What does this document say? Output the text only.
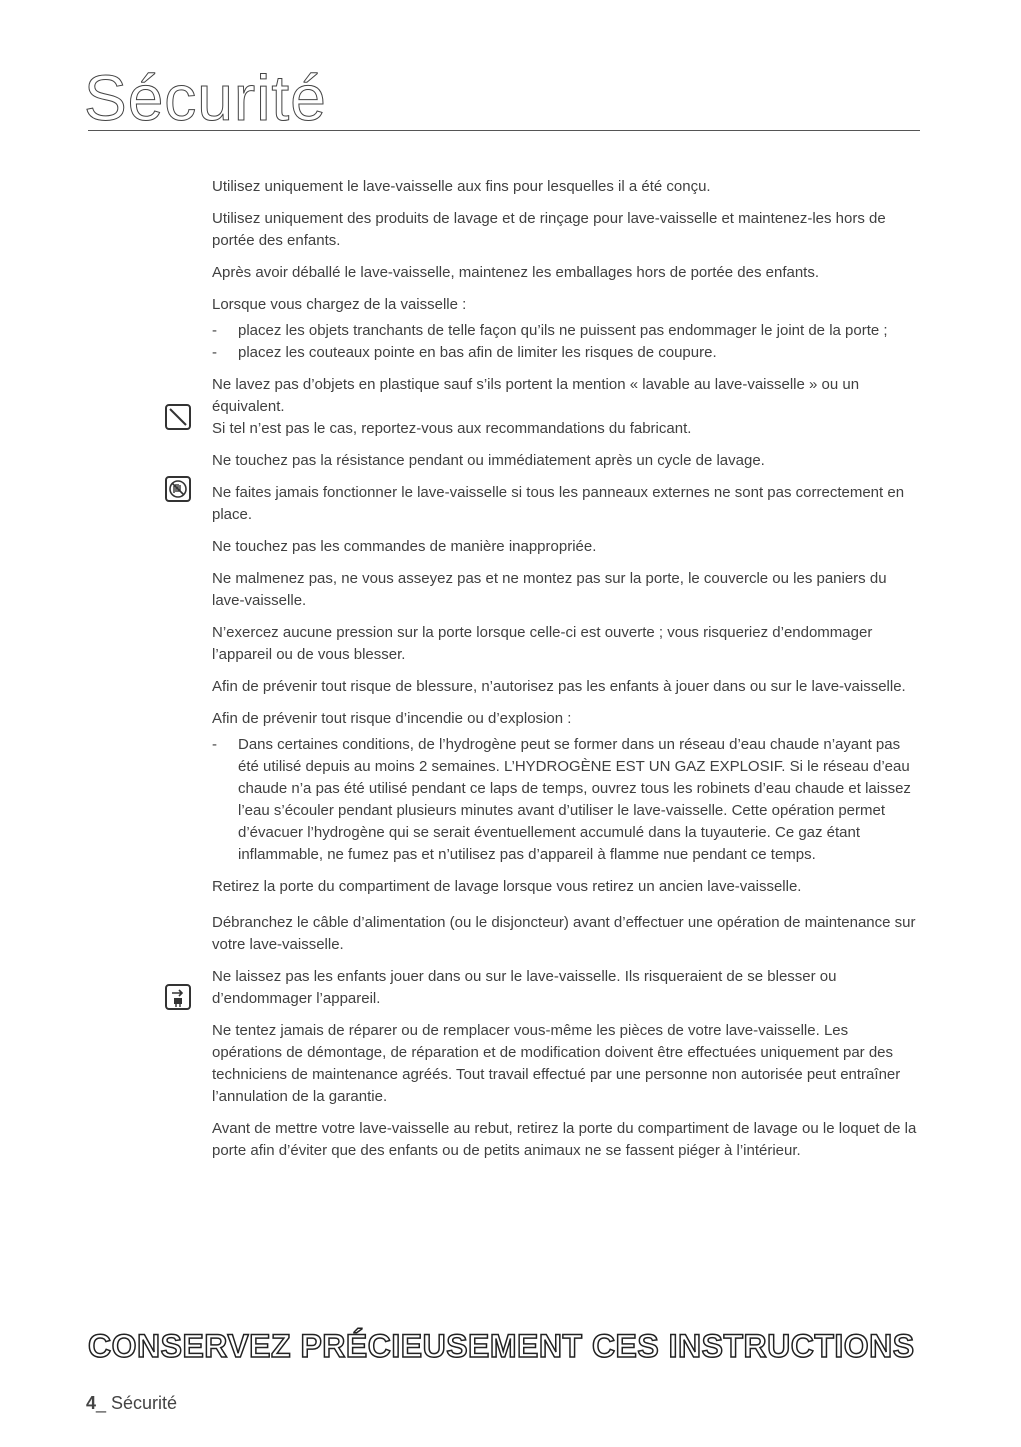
Sécurité

Utilisez uniquement le lave-vaisselle aux fins pour lesquelles il a été conçu.

Utilisez uniquement des produits de lavage et de rinçage pour lave-vaisselle et maintenez-les hors de portée des enfants.

Après avoir déballé le lave-vaisselle, maintenez les emballages hors de portée des enfants.

Lorsque vous chargez de la vaisselle :

- placez les objets tranchants de telle façon qu’ils ne puissent pas endommager le joint de la porte ;
- placez les couteaux pointe en bas afin de limiter les risques de coupure.

Ne lavez pas d’objets en plastique sauf s’ils portent la mention « lavable au lave-vaisselle » ou un équivalent.

Si tel n’est pas le cas, reportez-vous aux recommandations du fabricant.

Ne touchez pas la résistance pendant ou immédiatement après un cycle de lavage.

Ne faites jamais fonctionner le lave-vaisselle si tous les panneaux externes ne sont pas correctement en place.

Ne touchez pas les commandes de manière inappropriée.

Ne malmenez pas, ne vous asseyez pas et ne montez pas sur la porte, le couvercle ou les paniers du lave-vaisselle.

N’exercez aucune pression sur la porte lorsque celle-ci est ouverte ; vous risqueriez d’endommager l’appareil ou de vous blesser.

Afin de prévenir tout risque de blessure, n’autorisez pas les enfants à jouer dans ou sur le lave-vaisselle.

Afin de prévenir tout risque d’incendie ou d’explosion :

- Dans certaines conditions, de l’hydrogène peut se former dans un réseau d’eau chaude n’ayant pas été utilisé depuis au moins 2 semaines. L’HYDROGÈNE EST UN GAZ EXPLOSIF. Si le réseau d’eau chaude n’a pas été utilisé pendant ce laps de temps, ouvrez tous les robinets d’eau chaude et laissez l’eau s’écouler pendant plusieurs minutes avant d’utiliser le lave-vaisselle. Cette opération permet d’évacuer l’hydrogène qui se serait éventuellement accumulé dans la tuyauterie. Ce gaz étant inflammable, ne fumez pas et n’utilisez pas d’appareil à flamme nue pendant ce temps.

Retirez la porte du compartiment de lavage lorsque vous retirez un ancien lave-vaisselle.

Débranchez le câble d’alimentation (ou le disjoncteur) avant d’effectuer une opération de maintenance sur votre lave-vaisselle.

Ne laissez pas les enfants jouer dans ou sur le lave-vaisselle. Ils risqueraient de se blesser ou d’endommager l’appareil.

Ne tentez jamais de réparer ou de remplacer vous-même les pièces de votre lave-vaisselle. Les opérations de démontage, de réparation et de modification doivent être effectuées uniquement par des techniciens de maintenance agréés. Tout travail effectué par une personne non autorisée peut entraîner l’annulation de la garantie.

Avant de mettre votre lave-vaisselle au rebut, retirez la porte du compartiment de lavage ou le loquet de la porte afin d’éviter que des enfants ou de petits animaux ne se fassent piéger à l’intérieur.

CONSERVEZ PRÉCIEUSEMENT CES INSTRUCTIONS
4_ Sécurité
